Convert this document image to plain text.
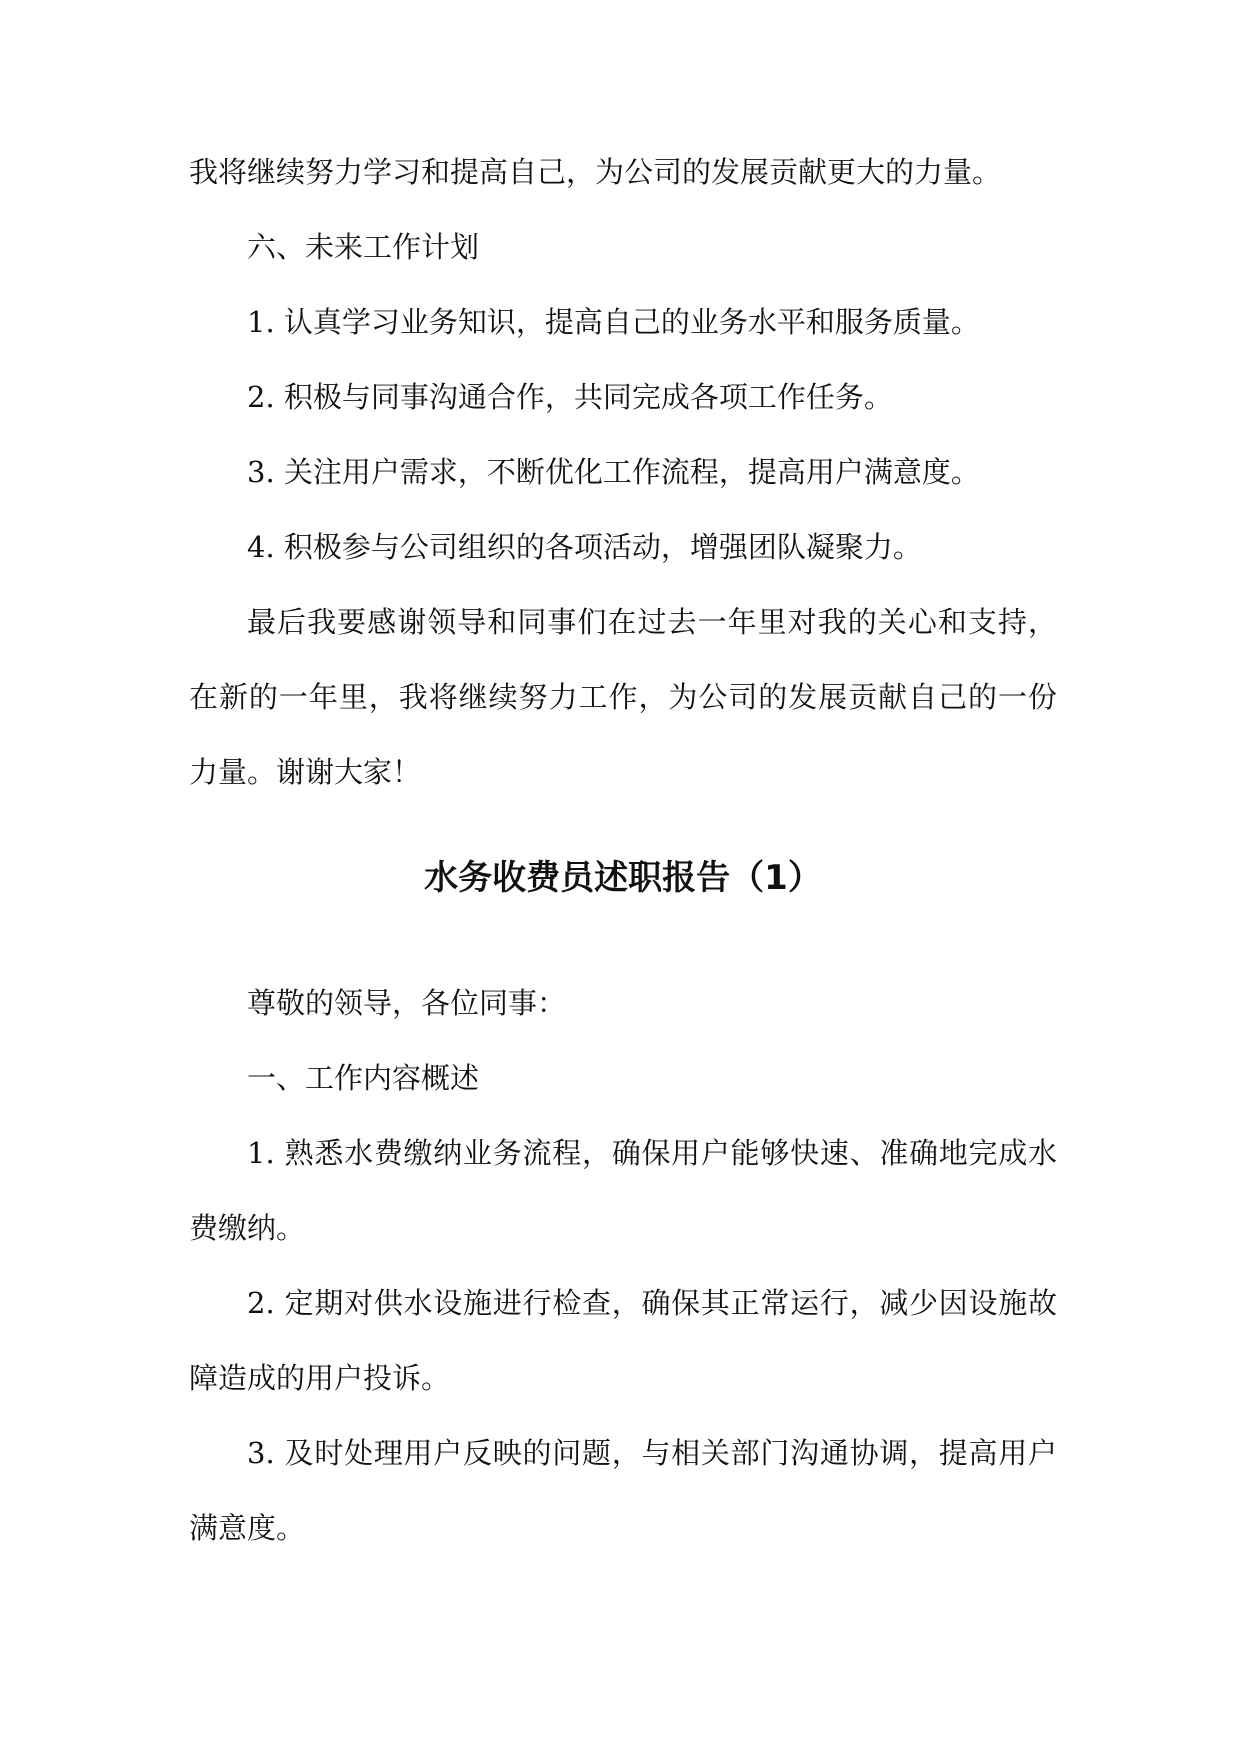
我将继续努力学习和提高自己，为公司的发展贡献更大的力量。

六、未来工作计划

1. 认真学习业务知识，提高自己的业务水平和服务质量。

2. 积极与同事沟通合作，共同完成各项工作任务。

3. 关注用户需求，不断优化工作流程，提高用户满意度。

4. 积极参与公司组织的各项活动，增强团队凝聚力。

最后我要感谢领导和同事们在过去一年里对我的关心和支持，在新的一年里，我将继续努力工作，为公司的发展贡献自己的一份力量。谢谢大家！

水务收费员述职报告（1）

尊敬的领导，各位同事：

一、工作内容概述

1. 熟悉水费缴纳业务流程，确保用户能够快速、准确地完成水费缴纳。

2. 定期对供水设施进行检查，确保其正常运行，减少因设施故障造成的用户投诉。

3. 及时处理用户反映的问题，与相关部门沟通协调，提高用户满意度。
